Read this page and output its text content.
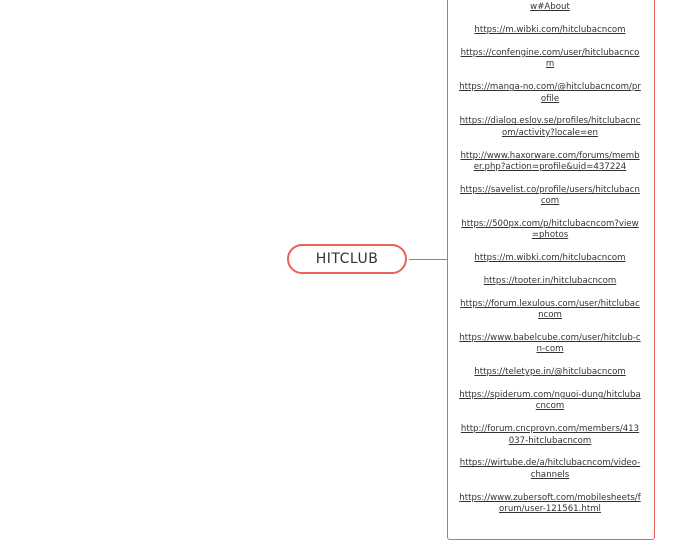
HITCLUB
w#About
https://m.wibki.com/hitclubacncom
https://confengine.com/user/hitclubacncom
https://manga-no.com/@hitclubacncom/profile
https://dialog.eslov.se/profiles/hitclubacncom/activity?locale=en
http://www.haxorware.com/forums/member.php?action=profile&uid=437224
https://savelist.co/profile/users/hitclubacncom
https://500px.com/p/hitclubacncom?view=photos
https://m.wibki.com/hitclubacncom
https://tooter.in/hitclubacncom
https://forum.lexulous.com/user/hitclubacncom
https://www.babelcube.com/user/hitclub-cn-com
https://teletype.in/@hitclubacncom
https://spiderum.com/nguoi-dung/hitclubacncom
http://forum.cncprovn.com/members/413037-hitclubacncom
https://wirtube.de/a/hitclubacncom/video-channels
https://www.zubersoft.com/mobilesheets/forum/user-121561.html
